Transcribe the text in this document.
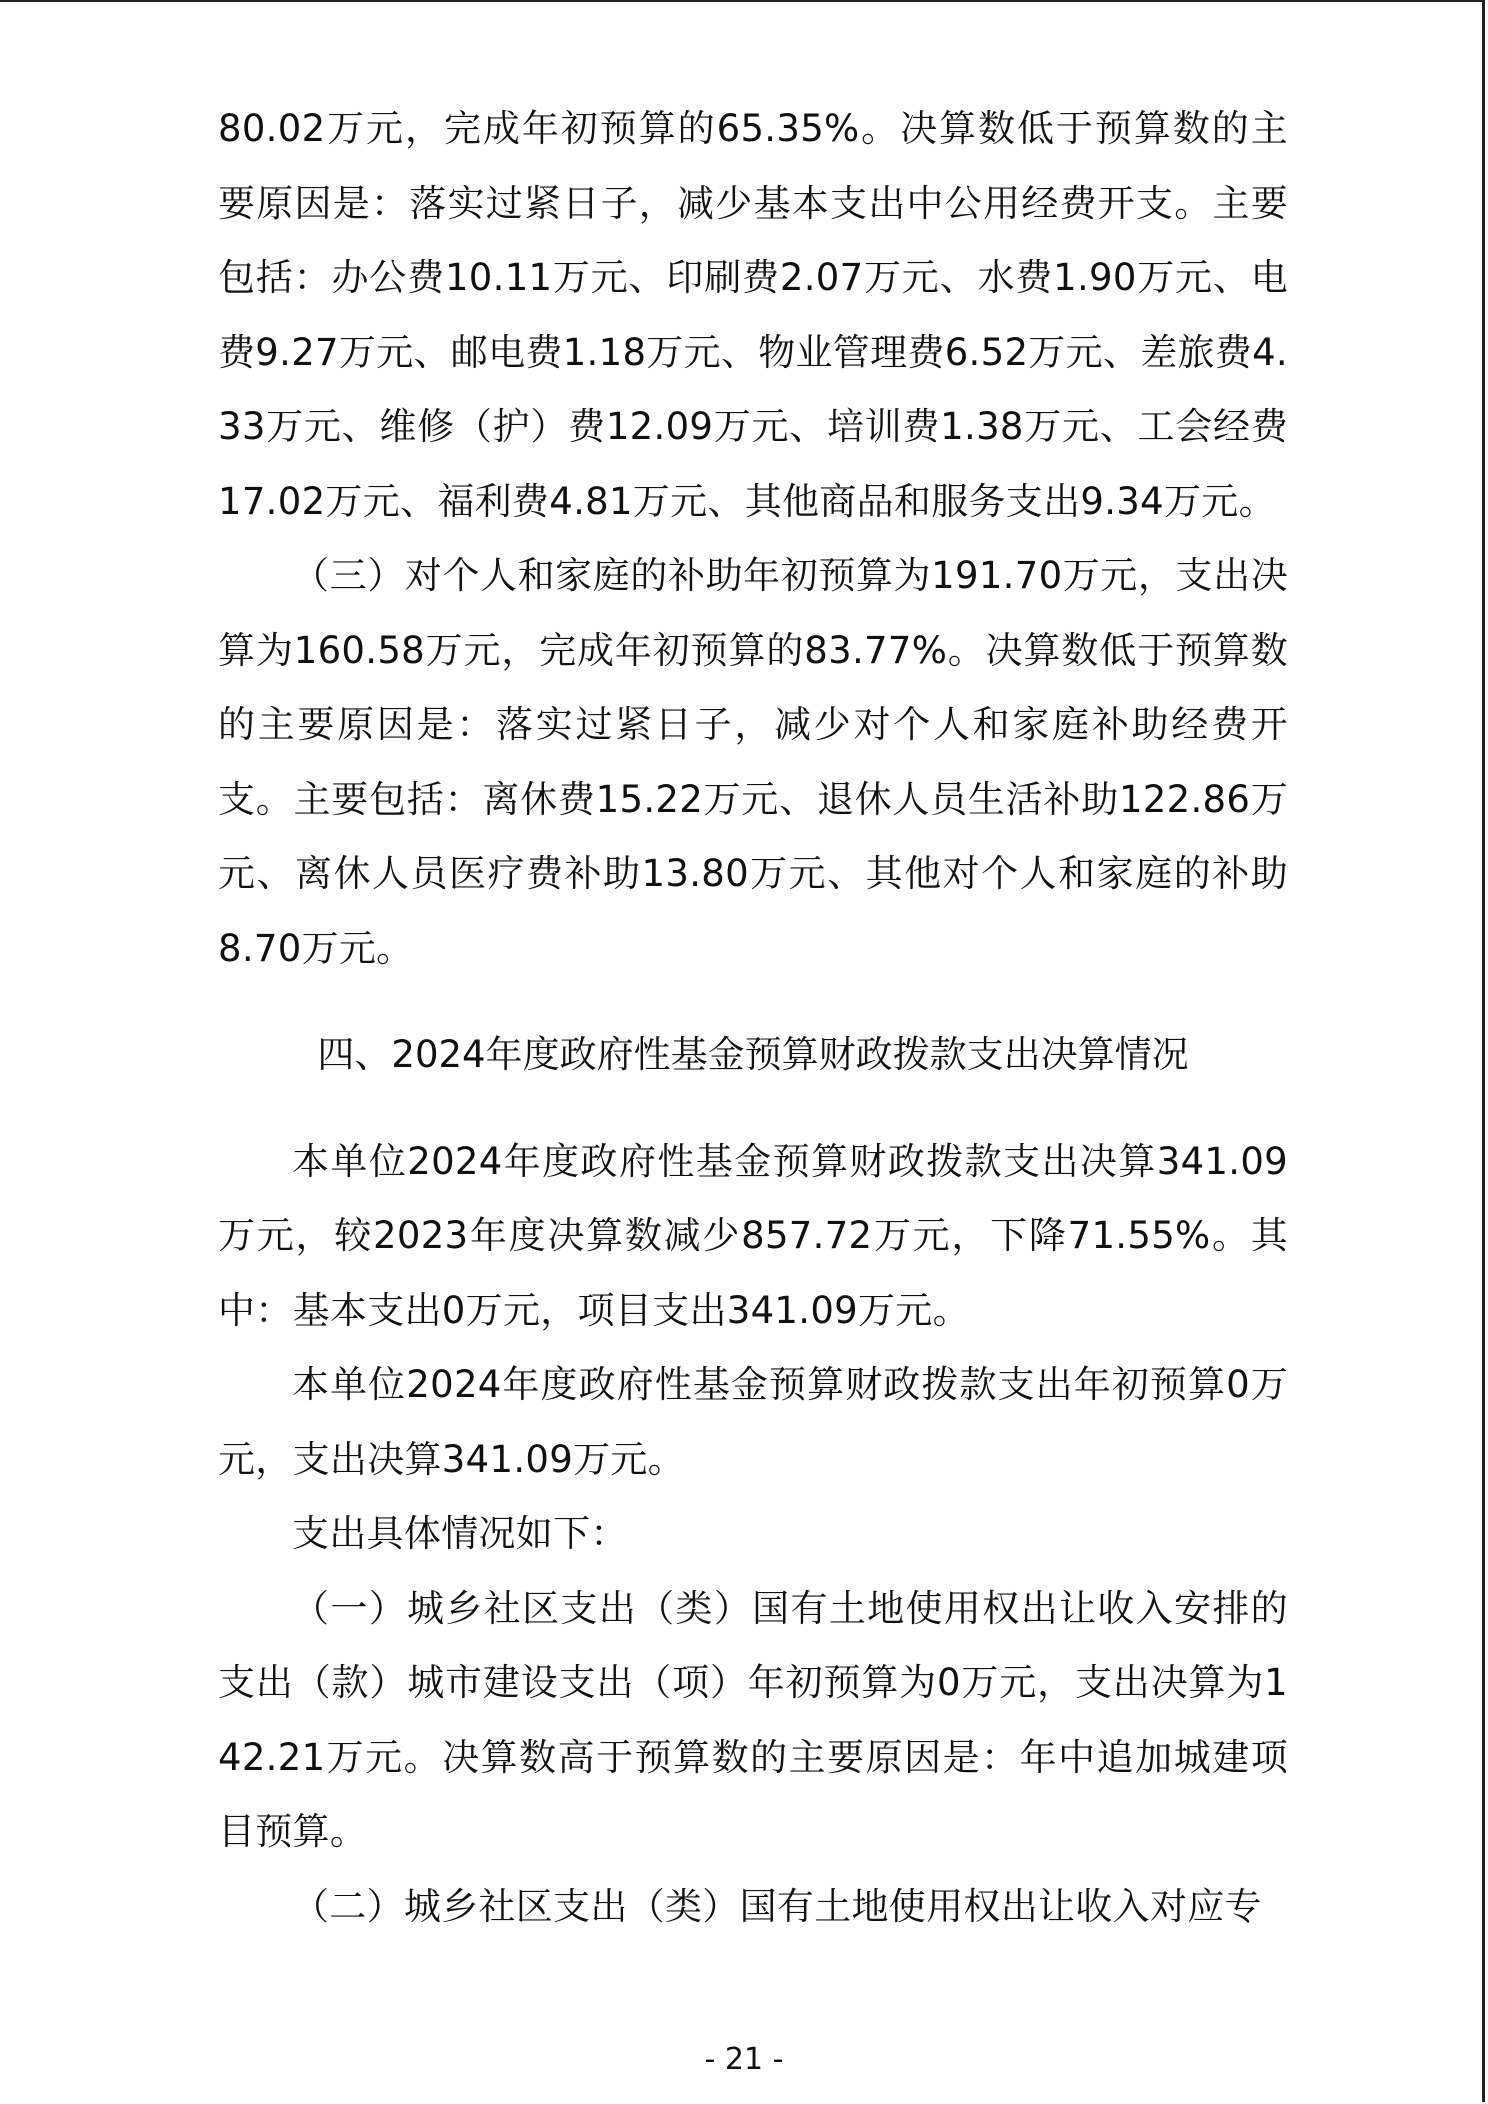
80.02万元，完成年初预算的65.35%。决算数低于预算数的主要原因是：落实过紧日子，减少基本支出中公用经费开支。主要包括：办公费10.11万元、印刷费2.07万元、水费1.90万元、电费9.27万元、邮电费1.18万元、物业管理费6.52万元、差旅费4.33万元、维修（护）费12.09万元、培训费1.38万元、工会经费17.02万元、福利费4.81万元、其他商品和服务支出9.34万元。

（三）对个人和家庭的补助年初预算为191.70万元，支出决算为160.58万元，完成年初预算的83.77%。决算数低于预算数的主要原因是：落实过紧日子，减少对个人和家庭补助经费开支。主要包括：离休费15.22万元、退休人员生活补助122.86万元、离休人员医疗费补助13.80万元、其他对个人和家庭的补助8.70万元。

四、2024年度政府性基金预算财政拨款支出决算情况

本单位2024年度政府性基金预算财政拨款支出决算341.09万元，较2023年度决算数减少857.72万元，下降71.55%。其中：基本支出0万元，项目支出341.09万元。

本单位2024年度政府性基金预算财政拨款支出年初预算0万元，支出决算341.09万元。

支出具体情况如下：

（一）城乡社区支出（类）国有土地使用权出让收入安排的支出（款）城市建设支出（项）年初预算为0万元，支出决算为142.21万元。决算数高于预算数的主要原因是：年中追加城建项目预算。

（二）城乡社区支出（类）国有土地使用权出让收入对应专

- 21 -
